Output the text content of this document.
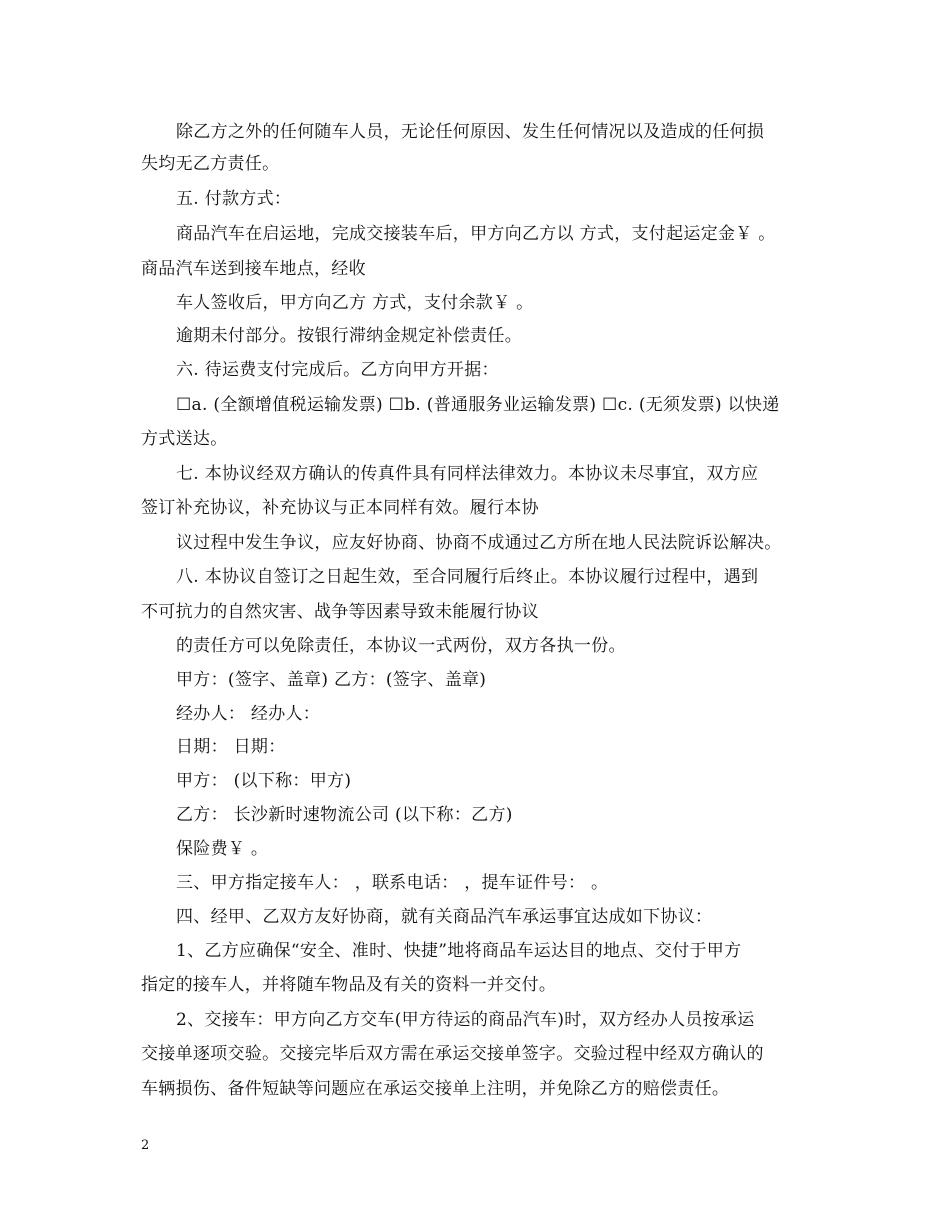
除乙方之外的任何随车人员，无论任何原因、发生任何情况以及造成的任何损
失均无乙方责任。
五. 付款方式：
商品汽车在启运地，完成交接装车后，甲方向乙方以 方式，支付起运定金￥ 。
商品汽车送到接车地点，经收
车人签收后，甲方向乙方 方式，支付余款￥ 。
逾期未付部分。按银行滞纳金规定补偿责任。
六. 待运费支付完成后。乙方向甲方开据：
☐a. (全额增值税运输发票) ☐b. (普通服务业运输发票) ☐c. (无须发票) 以快递
方式送达。
七. 本协议经双方确认的传真件具有同样法律效力。本协议未尽事宜，双方应
签订补充协议，补充协议与正本同样有效。履行本协
议过程中发生争议，应友好协商、协商不成通过乙方所在地人民法院诉讼解决。
八. 本协议自签订之日起生效，至合同履行后终止。本协议履行过程中，遇到
不可抗力的自然灾害、战争等因素导致未能履行协议
的责任方可以免除责任，本协议一式两份，双方各执一份。
甲方：(签字、盖章) 乙方：(签字、盖章)
经办人： 经办人：
日期： 日期：
甲方： (以下称：甲方)
乙方： 长沙新时速物流公司 (以下称：乙方)
保险费￥ 。
三、甲方指定接车人： ，联系电话： ，提车证件号： 。
四、经甲、乙双方友好协商，就有关商品汽车承运事宜达成如下协议：
1、乙方应确保“安全、准时、快捷”地将商品车运达目的地点、交付于甲方
指定的接车人，并将随车物品及有关的资料一并交付。
2、交接车：甲方向乙方交车(甲方待运的商品汽车)时，双方经办人员按承运
交接单逐项交验。交接完毕后双方需在承运交接单签字。交验过程中经双方确认的
车辆损伤、备件短缺等问题应在承运交接单上注明，并免除乙方的赔偿责任。
2
